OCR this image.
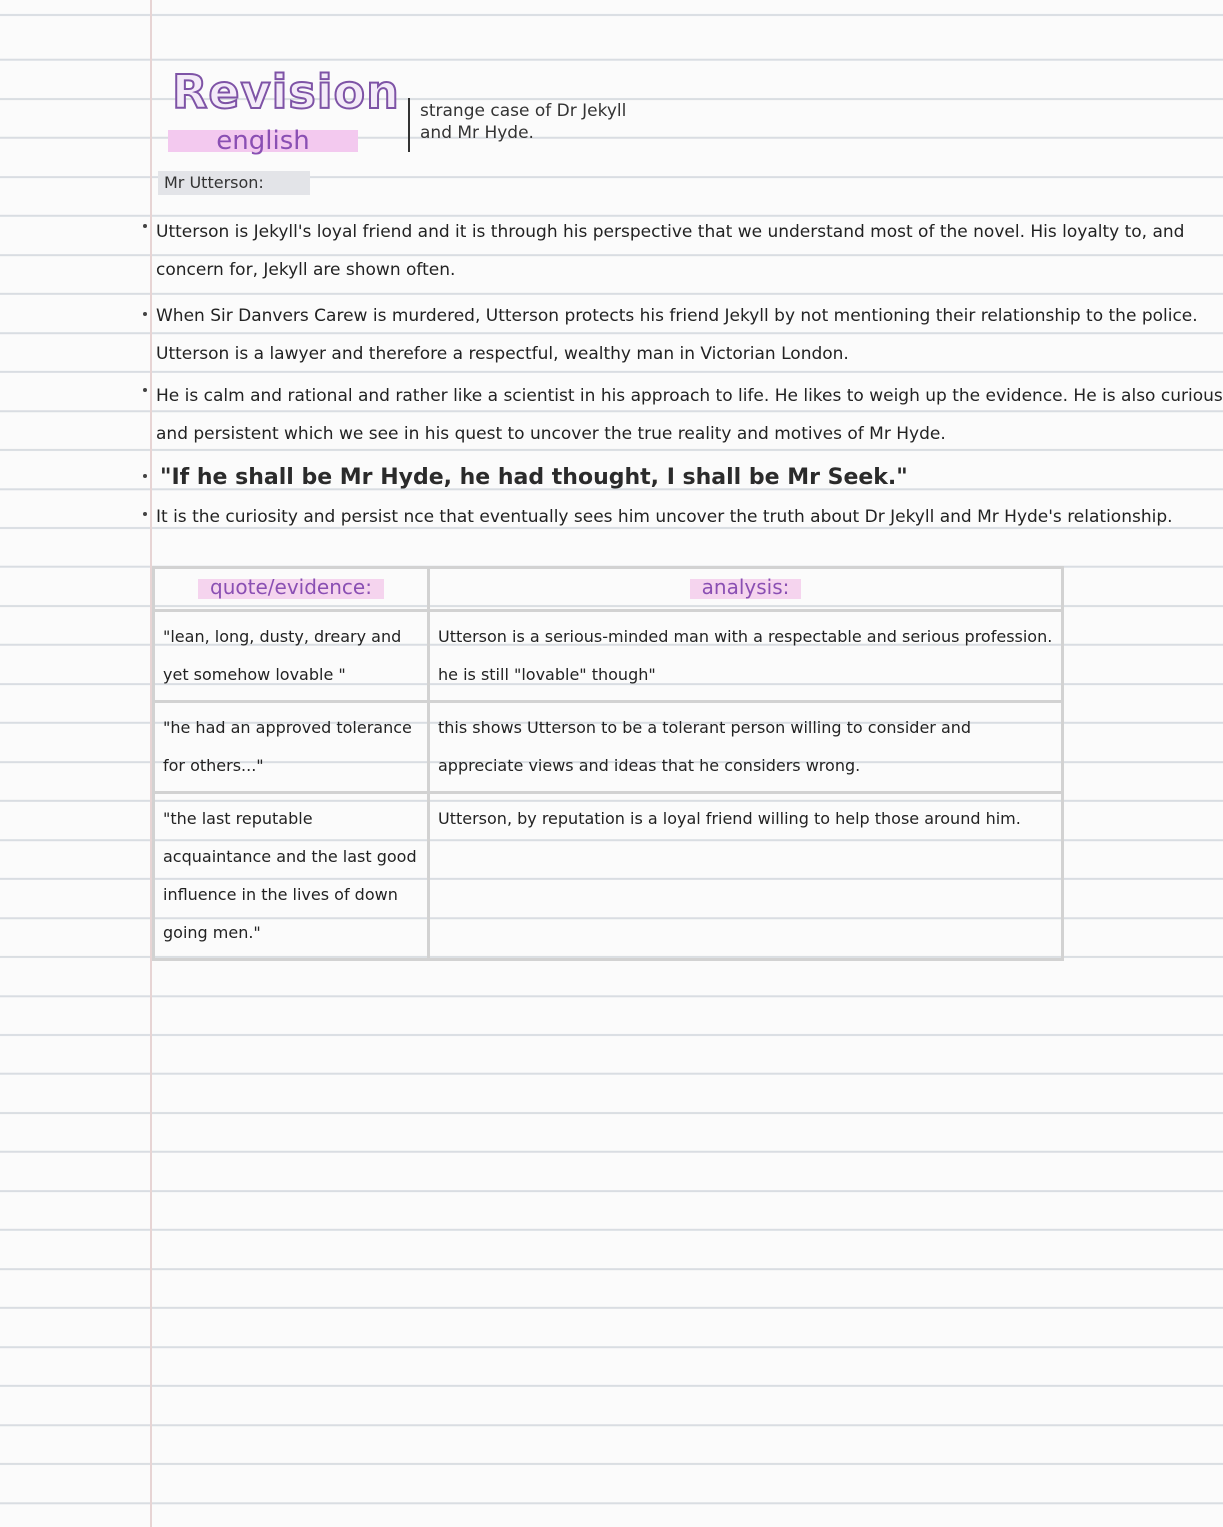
Revision
english
strange case of Dr Jekyll
and Mr Hyde.
Mr Utterson:
Utterson is Jekyll's loyal friend and it is through his perspective that we understand most of the novel. His loyalty to, and
concern for, Jekyll are shown often.
When Sir Danvers Carew is murdered, Utterson protects his friend Jekyll by not mentioning their relationship to the police.
Utterson is a lawyer and therefore a respectful, wealthy man in Victorian London.
He is calm and rational and rather like a scientist in his approach to life. He likes to weigh up the evidence. He is also curious
and persistent which we see in his quest to uncover the true reality and motives of Mr Hyde.
"If he shall be Mr Hyde, he had thought, I shall be Mr Seek."
It is the curiosity and persist nce that eventually sees him uncover the truth about Dr Jekyll and Mr Hyde's relationship.
quote/evidence:	analysis:
"lean, long, dusty, dreary and yet somehow lovable "	Utterson is a serious-minded man with a respectable and serious profession. he is still "lovable" though"
"he had an approved tolerance for others..."	this shows Utterson to be a tolerant person willing to consider and appreciate views and ideas that he considers wrong.
"the last reputable acquaintance and the last good influence in the lives of down going men."	Utterson, by reputation is a loyal friend willing to help those around him.
